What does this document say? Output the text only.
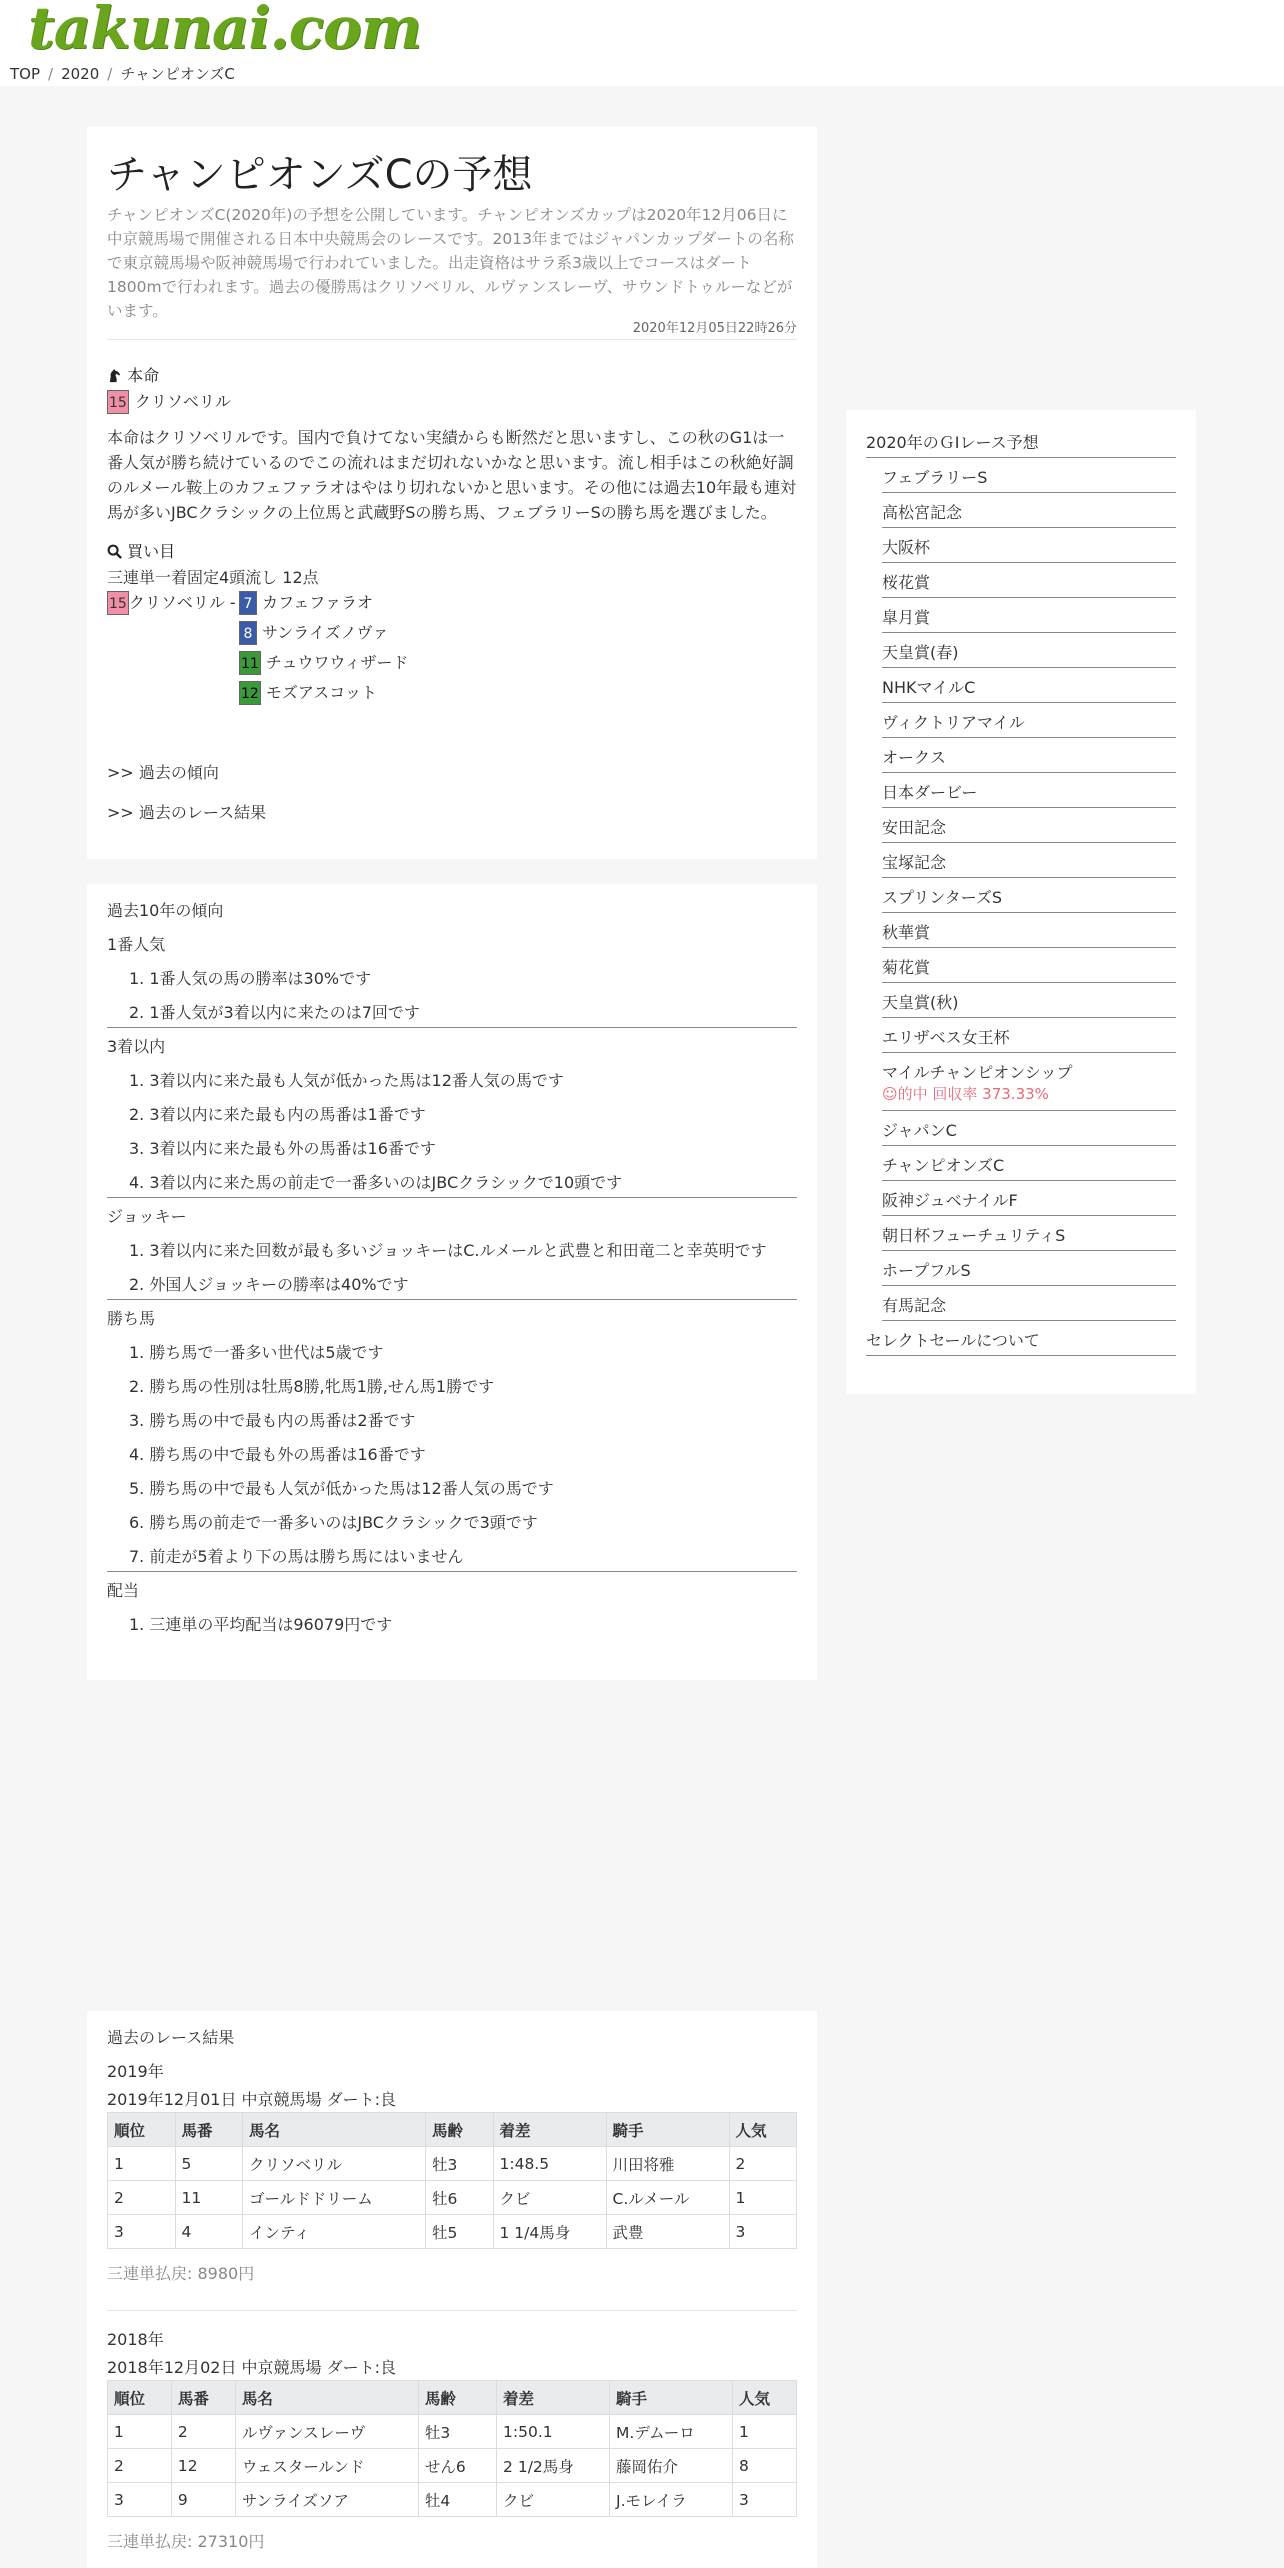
takunai.com
TOP / 2020 / チャンピオンズC
チャンピオンズCの予想
チャンピオンズC(2020年)の予想を公開しています。チャンピオンズカップは2020年12月06日に中京競馬場で開催される日本中央競馬会のレースです。2013年まではジャパンカップダートの名称で東京競馬場や阪神競馬場で行われていました。出走資格はサラ系3歳以上でコースはダート1800mで行われます。過去の優勝馬はクリソベリル、ルヴァンスレーヴ、サウンドトゥルーなどがいます。
2020年12月05日22時26分
本命
15 クリソベリル
本命はクリソベリルです。国内で負けてない実績からも断然だと思いますし、この秋のG1は一番人気が勝ち続けているのでこの流れはまだ切れないかなと思います。流し相手はこの秋絶好調のルメール鞍上のカフェファラオはやはり切れないかと思います。その他には過去10年最も連対馬が多いJBCクラシックの上位馬と武蔵野Sの勝ち馬、フェブラリーSの勝ち馬を選びました。
買い目
三連単一着固定4頭流し 12点
15 クリソベリル - 7 カフェファラオ
8 サンライズノヴァ
11 チュウワウィザード
12 モズアスコット
>> 過去の傾向
>> 過去のレース結果
過去10年の傾向
1番人気
1. 1番人気の馬の勝率は30%です
2. 1番人気が3着以内に来たのは7回です
3着以内
1. 3着以内に来た最も人気が低かった馬は12番人気の馬です
2. 3着以内に来た最も内の馬番は1番です
3. 3着以内に来た最も外の馬番は16番です
4. 3着以内に来た馬の前走で一番多いのはJBCクラシックで10頭です
ジョッキー
1. 3着以内に来た回数が最も多いジョッキーはC.ルメールと武豊と和田竜二と幸英明です
2. 外国人ジョッキーの勝率は40%です
勝ち馬
1. 勝ち馬で一番多い世代は5歳です
2. 勝ち馬の性別は牡馬8勝,牝馬1勝,せん馬1勝です
3. 勝ち馬の中で最も内の馬番は2番です
4. 勝ち馬の中で最も外の馬番は16番です
5. 勝ち馬の中で最も人気が低かった馬は12番人気の馬です
6. 勝ち馬の前走で一番多いのはJBCクラシックで3頭です
7. 前走が5着より下の馬は勝ち馬にはいません
配当
1. 三連単の平均配当は96079円です
2020年のＧⅠレース予想
フェブラリーS
高松宮記念
大阪杯
桜花賞
皐月賞
天皇賞(春)
NHKマイルC
ヴィクトリアマイル
オークス
日本ダービー
安田記念
宝塚記念
スプリンターズS
秋華賞
菊花賞
天皇賞(秋)
エリザベス女王杯
マイルチャンピオンシップ
☺的中 回収率 373.33%
ジャパンC
チャンピオンズC
阪神ジュベナイルF
朝日杯フューチュリティS
ホープフルS
有馬記念
セレクトセールについて
過去のレース結果
2019年
2019年12月01日 中京競馬場 ダート:良
順位	馬番	馬名	馬齢	着差	騎手	人気
1	5	クリソベリル	牡3	1:48.5	川田将雅	2
2	11	ゴールドドリーム	牡6	クビ	C.ルメール	1
3	4	インティ	牡5	1 1/4馬身	武豊	3
三連単払戻: 8980円
2018年
2018年12月02日 中京競馬場 ダート:良
順位	馬番	馬名	馬齢	着差	騎手	人気
1	2	ルヴァンスレーヴ	牡3	1:50.1	M.デムーロ	1
2	12	ウェスタールンド	せん6	2 1/2馬身	藤岡佑介	8
3	9	サンライズソア	牡4	クビ	J.モレイラ	3
三連単払戻: 27310円
